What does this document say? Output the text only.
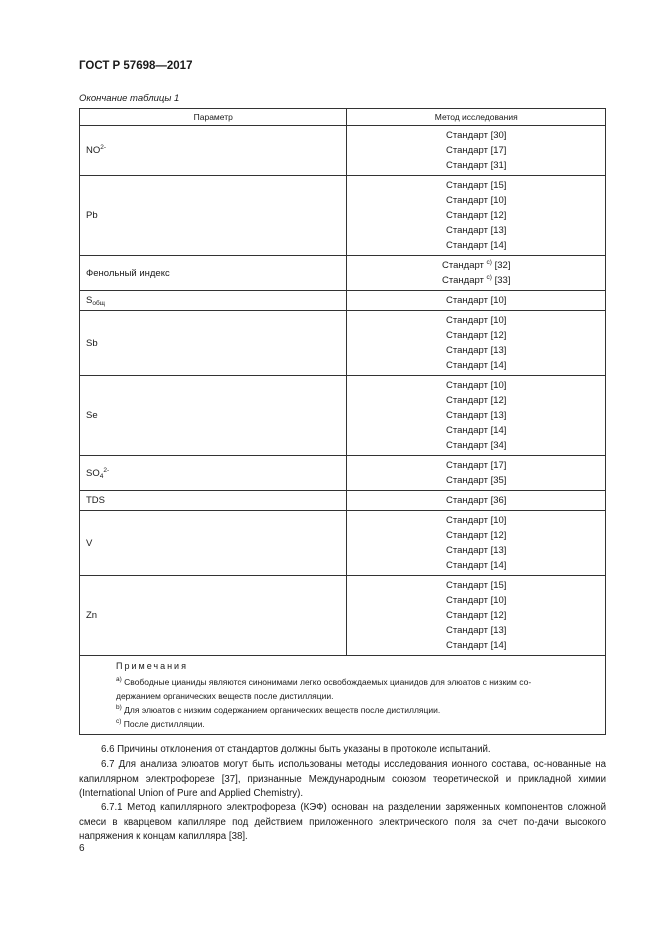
ГОСТ Р 57698—2017
Окончание таблицы 1
Параметр	Метод исследования
$NO^{2-}$	Стандарт [30]
Стандарт [17]
Стандарт [31]

Pb	Стандарт [15]
Стандарт [10]
Стандарт [12]
Стандарт [13]
Стандарт [14]

Фенольный индекс	Стандарт $^{с)}$ [32]
Стандарт $^{с)}$ [33]

$S_{общ}$	Стандарт [10]

Sb	Стандарт [10]
Стандарт [12]
Стандарт [13]
Стандарт [14]

Se	Стандарт [10]
Стандарт [12]
Стандарт [13]
Стандарт [14]
Стандарт [34]

$SO_4^{2-}$	Стандарт [17]
Стандарт [35]

TDS	Стандарт [36]

V	Стандарт [10]
Стандарт [12]
Стандарт [13]
Стандарт [14]

Zn	Стандарт [15]
Стандарт [10]
Стандарт [12]
Стандарт [13]
Стандарт [14]

Примечания
$^{а)}$ Свободные цианиды являются синонимами легко освобождаемых цианидов для элюатов с низким со-
держанием органических веществ после дистилляции.
$^{b)}$ Для элюатов с низким содержанием органических веществ после дистилляции.
$^{с)}$ После дистилляции.	
6.6 Причины отклонения от стандартов должны быть указаны в протоколе испытаний.
6.7 Для анализа элюатов могут быть использованы методы исследования ионного состава, ос-нованные на капиллярном электрофорезе [37], признанные Международным союзом теоретической и прикладной химии (International Union of Pure and Applied Chemistry).
6.7.1 Метод капиллярного электрофореза (КЭФ) основан на разделении заряженных компонентов сложной смеси в кварцевом капилляре под действием приложенного электрического поля за счет по-дачи высокого напряжения к концам капилляра [38].
6
